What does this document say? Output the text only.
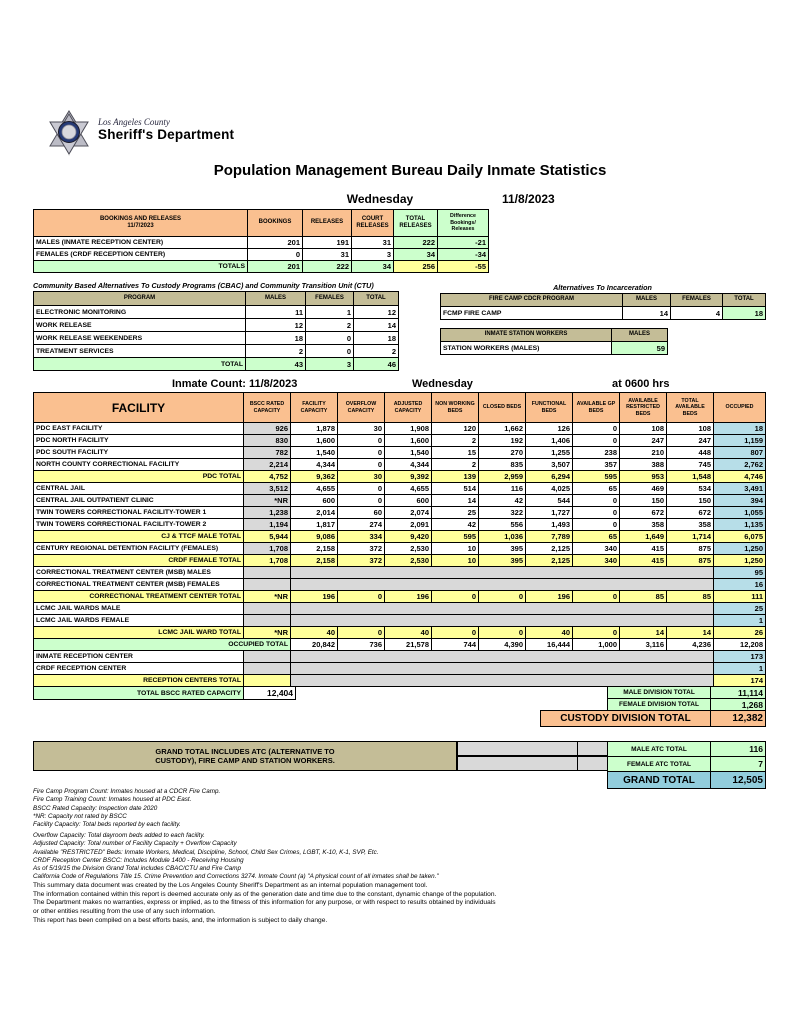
.
Los Angeles County
Sheriff's Department
Population Management Bureau Daily Inmate Statistics
Wednesday	11/8/2023
BOOKINGS AND RELEASES
11/7/2023	BOOKINGS	RELEASES	COURT RELEASES	TOTAL RELEASES	Difference Bookings/ Releases
MALES (INMATE RECEPTION CENTER)	201	191	31	222	-21
FEMALES (CRDF RECEPTION CENTER)	0	31	3	34	-34
TOTALS	201	222	34	256	-55
Community Based Alternatives To Custody Programs (CBAC) and Community Transition Unit (CTU)
PROGRAM	MALES	FEMALES	TOTAL
ELECTRONIC MONITORING	11	1	12
WORK RELEASE	12	2	14
WORK RELEASE WEEKENDERS	18	0	18
TREATMENT SERVICES	2	0	2
TOTAL	43	3	46
Alternatives To Incarceration
FIRE CAMP CDCR PROGRAM	MALES	FEMALES	TOTAL
FCMP FIRE CAMP	14	4	18
INMATE STATION WORKERS	MALES
STATION WORKERS (MALES)	59
Inmate Count: 11/8/2023	Wednesday	at 0600 hrs
FACILITY	BSCC RATED CAPACITY	FACILITY CAPACITY	OVERFLOW CAPACITY	ADJUSTED CAPACITY	NON WORKING BEDS	CLOSED BEDS	FUNCTIONAL BEDS	AVAILABLE GP BEDS	AVAILABLE RESTRICTED BEDS	TOTAL AVAILABLE BEDS	OCCUPIED
PDC EAST FACILITY	926	1,878	30	1,908	120	1,662	126	0	108	108	18
PDC NORTH FACILITY	830	1,600	0	1,600	2	192	1,406	0	247	247	1,159
PDC SOUTH FACILITY	782	1,540	0	1,540	15	270	1,255	238	210	448	807
NORTH COUNTY CORRECTIONAL FACILITY	2,214	4,344	0	4,344	2	835	3,507	357	388	745	2,762
PDC TOTAL	4,752	9,362	30	9,392	139	2,959	6,294	595	953	1,548	4,746
CENTRAL JAIL	3,512	4,655	0	4,655	514	116	4,025	65	469	534	3,491
CENTRAL JAIL OUTPATIENT CLINIC	*NR	600	0	600	14	42	544	0	150	150	394
TWIN TOWERS CORRECTIONAL FACILITY-TOWER 1	1,238	2,014	60	2,074	25	322	1,727	0	672	672	1,055
TWIN TOWERS CORRECTIONAL FACILITY-TOWER 2	1,194	1,817	274	2,091	42	556	1,493	0	358	358	1,135
CJ & TTCF MALE TOTAL	5,944	9,086	334	9,420	595	1,036	7,789	65	1,649	1,714	6,075
CENTURY REGIONAL DETENTION FACILITY (FEMALES)	1,708	2,158	372	2,530	10	395	2,125	340	415	875	1,250
CRDF FEMALE TOTAL	1,708	2,158	372	2,530	10	395	2,125	340	415	875	1,250
CORRECTIONAL TREATMENT CENTER (MSB) MALES											95
CORRECTIONAL TREATMENT CENTER (MSB) FEMALES											16
CORRECTIONAL TREATMENT CENTER TOTAL	*NR	196	0	196	0	0	196	0	85	85	111
LCMC JAIL WARDS MALE											25
LCMC JAIL WARDS FEMALE											1
LCMC JAIL WARD TOTAL	*NR	40	0	40	0	0	40	0	14	14	26
OCCUPIED TOTAL		20,842	736	21,578	744	4,390	16,444	1,000	3,116	4,236	12,208
INMATE RECEPTION CENTER											173
CRDF RECEPTION CENTER											1
RECEPTION CENTERS TOTAL											174
TOTAL BSCC RATED CAPACITY	12,404	MALE DIVISION TOTAL	11,114
FEMALE DIVISION TOTAL	1,268
CUSTODY DIVISION TOTAL	12,382
GRAND TOTAL INCLUDES ATC (ALTERNATIVE TO
CUSTODY), FIRE CAMP AND STATION WORKERS.
MALE ATC TOTAL	116
FEMALE ATC TOTAL	7
GRAND TOTAL	12,505
Fire Camp Program Count: Inmates housed at a CDCR Fire Camp.
Fire Camp Training Count: Inmates housed at PDC East.
BSCC Rated Capacity: Inspection date 2020
*NR: Capacity not rated by BSCC
Facility Capacity: Total beds reported by each facility.
Overflow Capacity: Total dayroom beds added to each facility.
Adjusted Capacity: Total number of Facility Capacity + Overflow Capacity
Available "RESTRICTED" Beds: Inmate Workers, Medical, Discipline, School, Child Sex Crimes, LGBT, K-10, K-1, SVP, Etc.
CRDF Reception Center BSCC: Includes Module 1400 - Receiving Housing
As of 5/19/15 the Division Grand Total includes CBAC/CTU and Fire Camp
California Code of Regulations Title 15. Crime Prevention and Corrections 3274. Inmate Count (a) "A physical count of all inmates shall be taken."
This summary data document was created by the Los Angeles County Sheriff's Department as an internal population management tool.
The information contained within this report is deemed accurate only as of the generation date and time due to the constant, dynamic change of the population.
The Department makes no warranties, express or implied, as to the fitness of this information for any purpose, or with respect to results obtained by individuals
or other entities resulting from the use of any such information.
This report has been compiled on a best efforts basis, and, the information is subject to daily change.
